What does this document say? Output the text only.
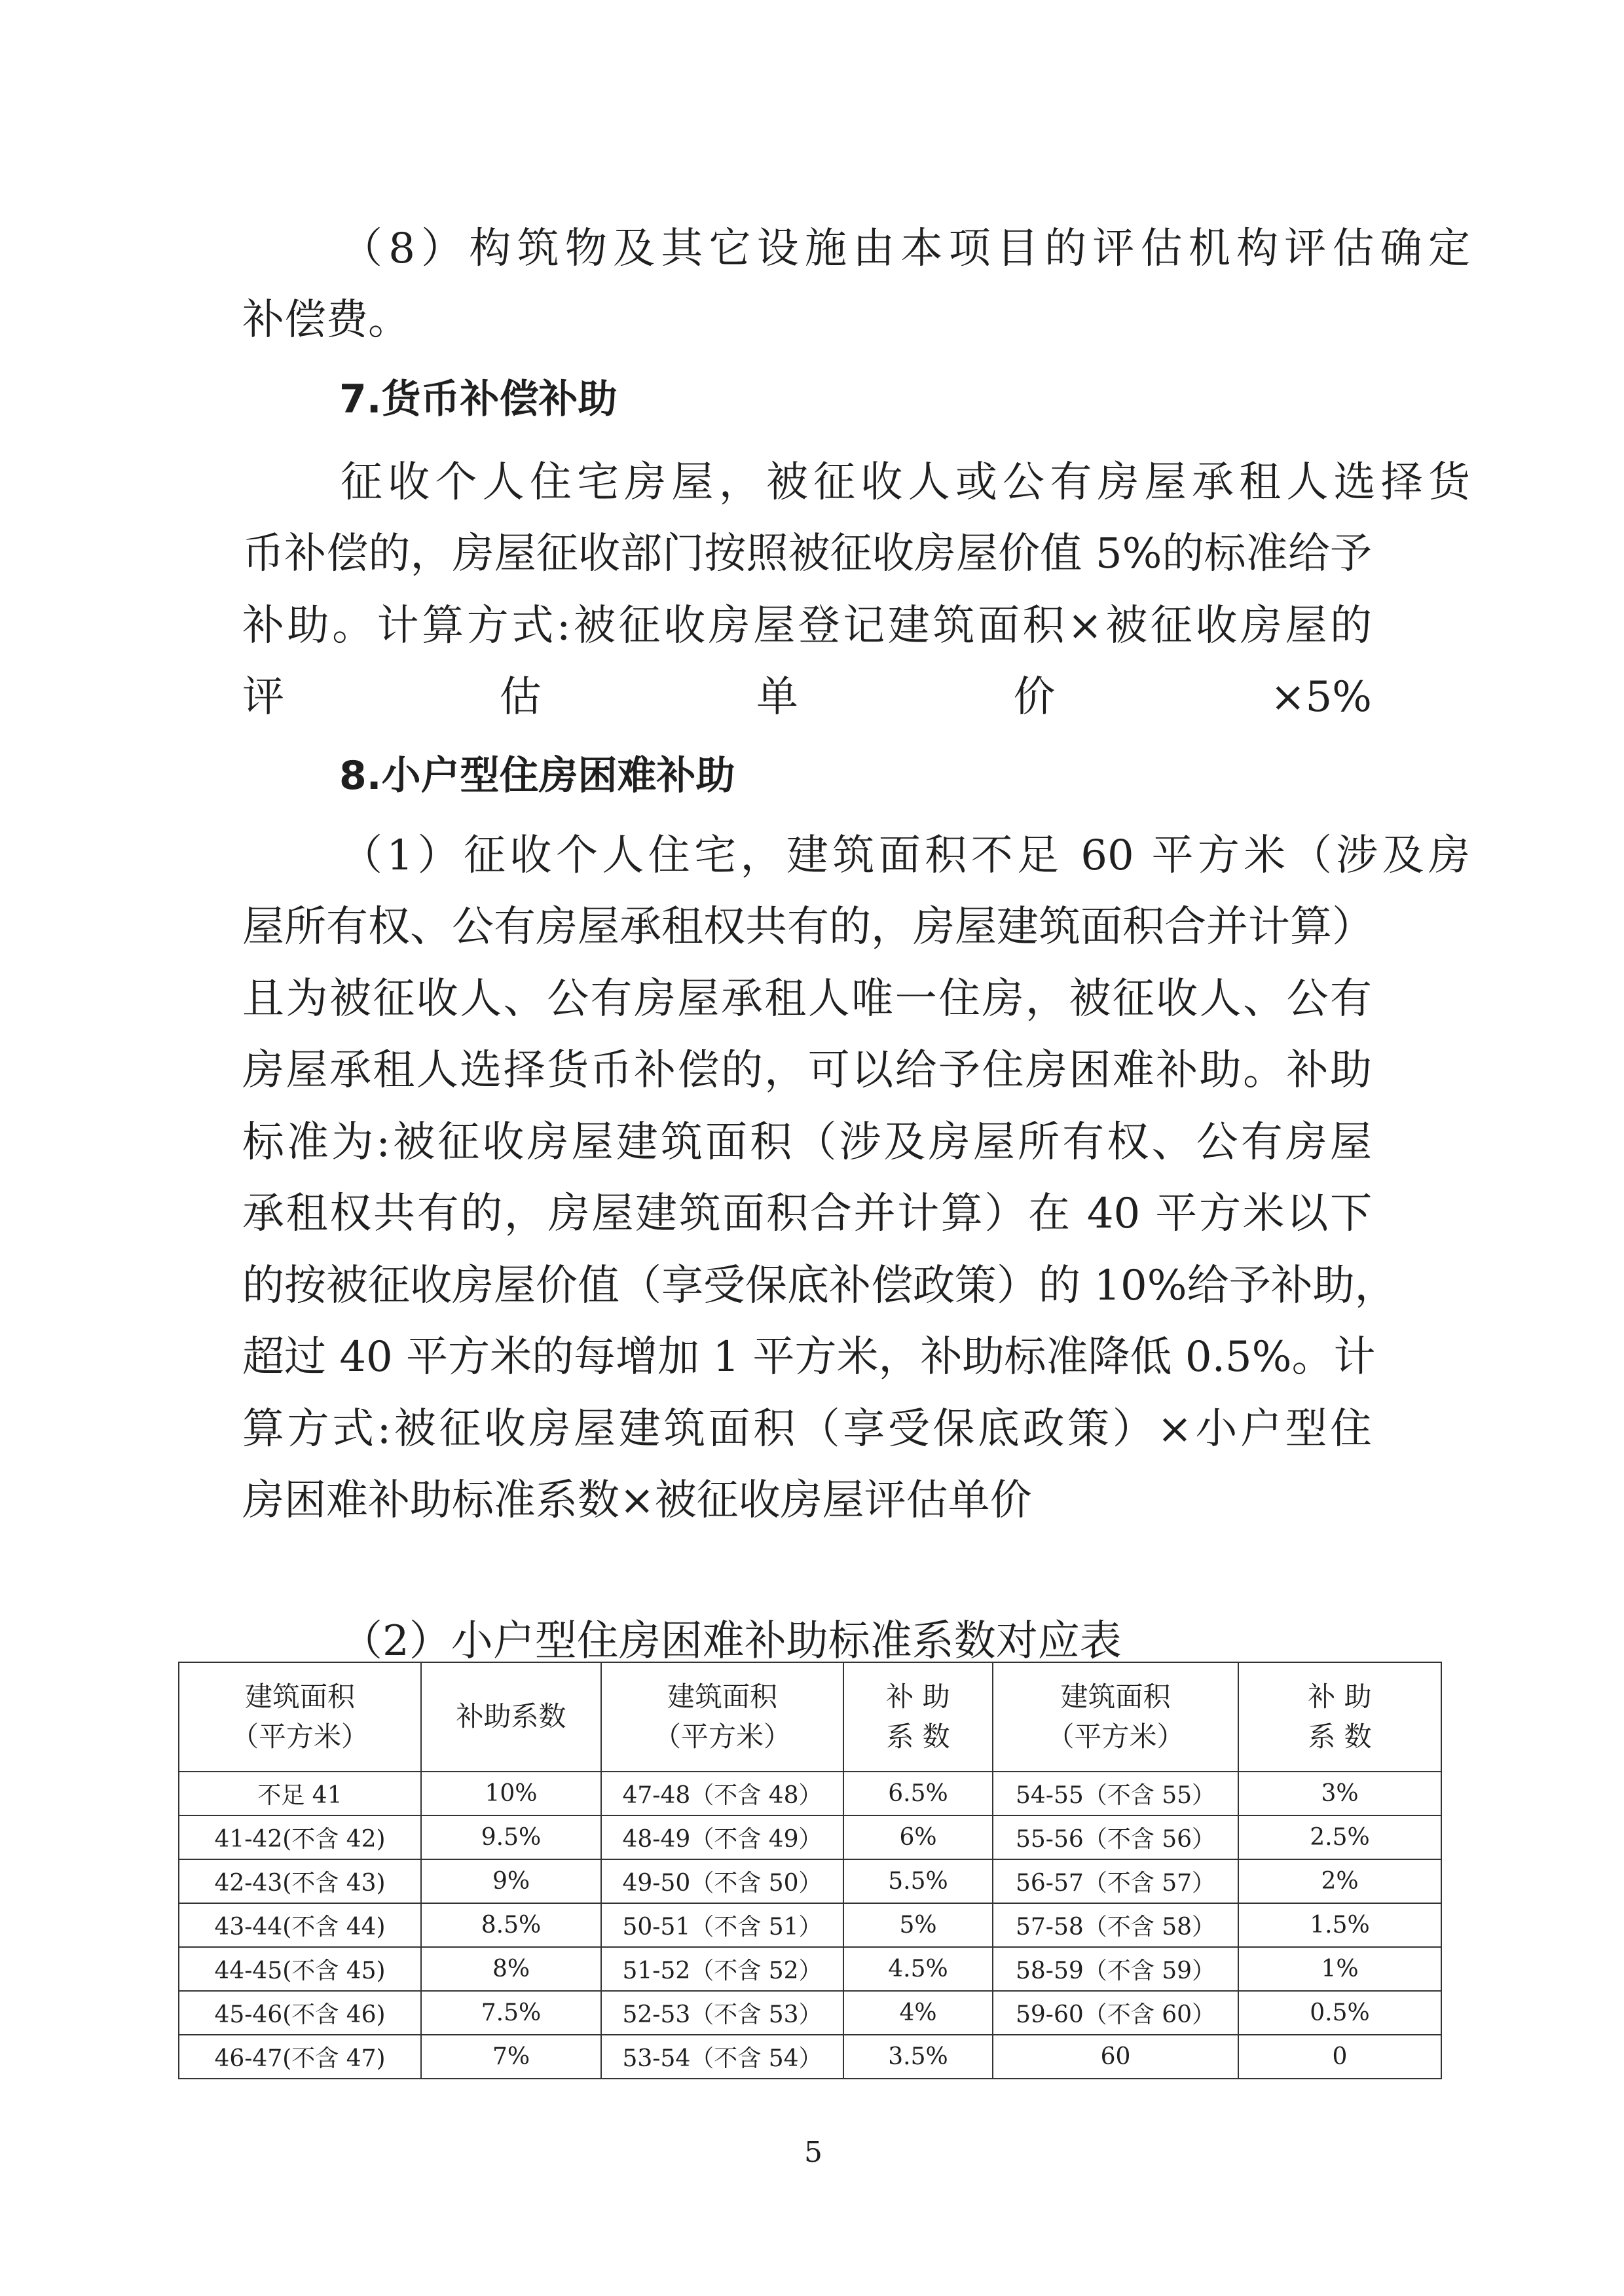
（8）构筑物及其它设施由本项目的评估机构评估确定
补偿费。
7.货币补偿补助
征收个人住宅房屋，被征收人或公有房屋承租人选择货
币补偿的，房屋征收部门按照被征收房屋价值 5%的标准给予
补助。计算方式:被征收房屋登记建筑面积×被征收房屋的
评估单价×5%
8.小户型住房困难补助
（1）征收个人住宅，建筑面积不足 60 平方米（涉及房
屋所有权、公有房屋承租权共有的，房屋建筑面积合并计算）
且为被征收人、公有房屋承租人唯一住房，被征收人、公有
房屋承租人选择货币补偿的，可以给予住房困难补助。补助
标准为:被征收房屋建筑面积（涉及房屋所有权、公有房屋
承租权共有的，房屋建筑面积合并计算）在 40 平方米以下
的按被征收房屋价值（享受保底补偿政策）的 10%给予补助，
超过 40 平方米的每增加 1 平方米，补助标准降低 0.5%。计
算方式:被征收房屋建筑面积（享受保底政策）×小户型住
房困难补助标准系数×被征收房屋评估单价
（2）小户型住房困难补助标准系数对应表
建筑面积
（平方米）	补助系数	建筑面积
（平方米）	补 助
系 数	建筑面积
（平方米）	补 助
系 数
不足 41	10%	47-48（不含 48）	6.5%	54-55（不含 55）	3%
41-42(不含 42)	9.5%	48-49（不含 49）	6%	55-56（不含 56）	2.5%
42-43(不含 43)	9%	49-50（不含 50）	5.5%	56-57（不含 57）	2%
43-44(不含 44)	8.5%	50-51（不含 51）	5%	57-58（不含 58）	1.5%
44-45(不含 45)	8%	51-52（不含 52）	4.5%	58-59（不含 59）	1%
45-46(不含 46)	7.5%	52-53（不含 53）	4%	59-60（不含 60）	0.5%
46-47(不含 47)	7%	53-54（不含 54）	3.5%	60	0
5
